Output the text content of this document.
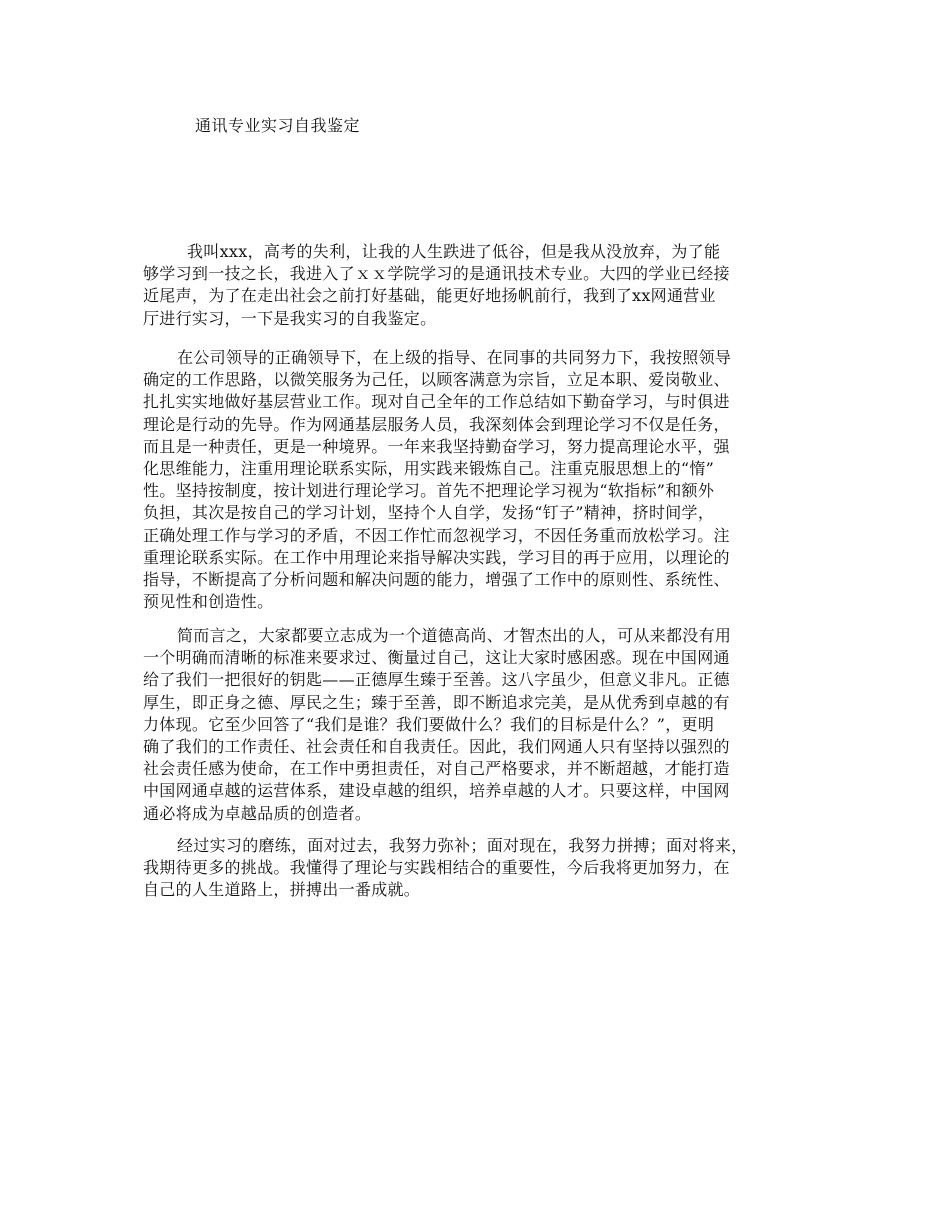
通讯专业实习自我鉴定
我叫xxx，高考的失利，让我的人生跌进了低谷，但是我从没放弃，为了能
够学习到一技之长，我进入了ｘｘ学院学习的是通讯技术专业。大四的学业已经接
近尾声，为了在走出社会之前打好基础，能更好地扬帆前行，我到了xx网通营业
厅进行实习，一下是我实习的自我鉴定。
在公司领导的正确领导下，在上级的指导、在同事的共同努力下，我按照领导
确定的工作思路，以微笑服务为己任，以顾客满意为宗旨，立足本职、爱岗敬业、
扎扎实实地做好基层营业工作。现对自己全年的工作总结如下勤奋学习，与时俱进
理论是行动的先导。作为网通基层服务人员，我深刻体会到理论学习不仅是任务，
而且是一种责任，更是一种境界。一年来我坚持勤奋学习，努力提高理论水平，强
化思维能力，注重用理论联系实际，用实践来锻炼自己。注重克服思想上的“惰”
性。坚持按制度，按计划进行理论学习。首先不把理论学习视为“软指标”和额外
负担，其次是按自己的学习计划，坚持个人自学，发扬“钉子”精神，挤时间学，
正确处理工作与学习的矛盾，不因工作忙而忽视学习，不因任务重而放松学习。注
重理论联系实际。在工作中用理论来指导解决实践，学习目的再于应用，以理论的
指导，不断提高了分析问题和解决问题的能力，增强了工作中的原则性、系统性、
预见性和创造性。
简而言之，大家都要立志成为一个道德高尚、才智杰出的人，可从来都没有用
一个明确而清晰的标准来要求过、衡量过自己，这让大家时感困惑。现在中国网通
给了我们一把很好的钥匙——正德厚生臻于至善。这八字虽少，但意义非凡。正德
厚生，即正身之德、厚民之生；臻于至善，即不断追求完美，是从优秀到卓越的有
力体现。它至少回答了“我们是谁？我们要做什么？我们的目标是什么？”，更明
确了我们的工作责任、社会责任和自我责任。因此，我们网通人只有坚持以强烈的
社会责任感为使命，在工作中勇担责任，对自己严格要求，并不断超越，才能打造
中国网通卓越的运营体系，建设卓越的组织，培养卓越的人才。只要这样，中国网
通必将成为卓越品质的创造者。
经过实习的磨练，面对过去，我努力弥补；面对现在，我努力拼搏；面对将来，
我期待更多的挑战。我懂得了理论与实践相结合的重要性，今后我将更加努力，在
自己的人生道路上，拼搏出一番成就。
